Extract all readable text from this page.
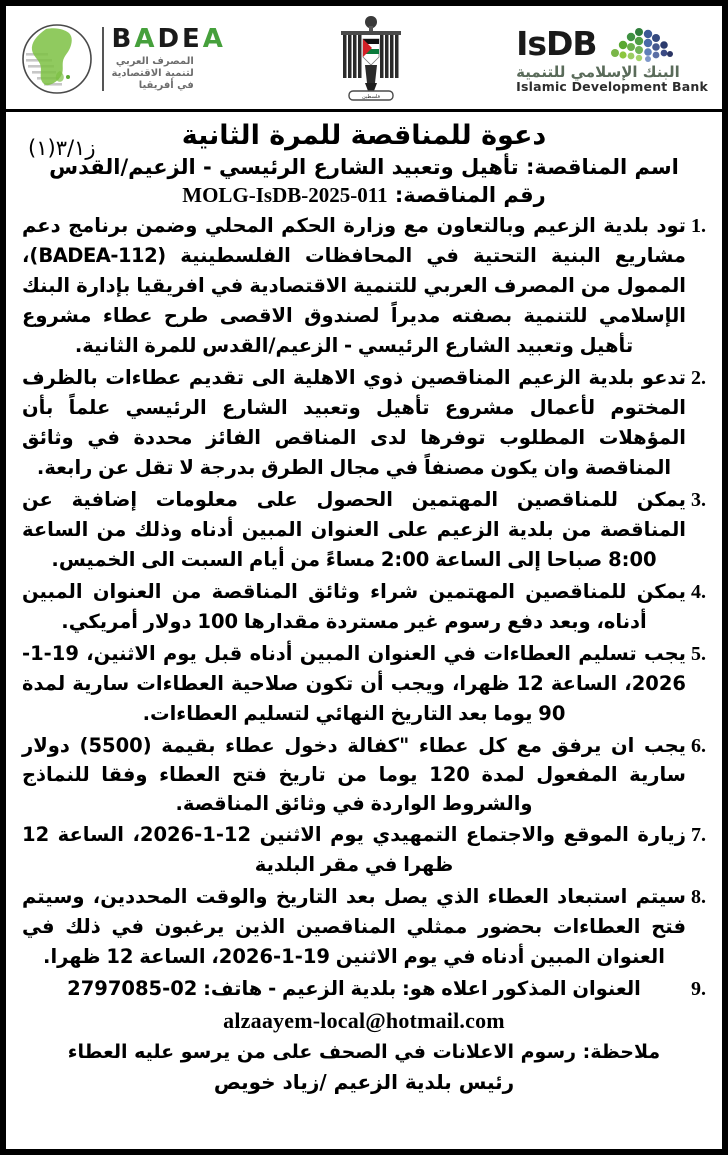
IsDB
البنك الإسلامي للتنمية
Islamic Development Bank
فلسطين
BADEA
المصرف العربي
لتنمية الاقتصادية
في أفريقيا
ز٣/١(١)	دعوة للمناقصة للمرة الثانية
اسم المناقصة: تأهيل وتعبيد الشارع الرئيسي - الزعيم/القدس
رقم المناقصة: MOLG-IsDB-2025-011
1.
تود بلدية الزعيم وبالتعاون مع وزارة الحكم المحلي وضمن برنامج دعم مشاريع البنية التحتية في المحافظات الفلسطينية (BADEA-112)، الممول من المصرف العربي للتنمية الاقتصادية في افريقيا بإدارة البنك الإسلامي للتنمية بصفته مديراً لصندوق الاقصى طرح عطاء مشروع تأهيل وتعبيد الشارع الرئيسي - الزعيم/القدس للمرة الثانية.
2.
تدعو بلدية الزعيم المناقصين ذوي الاهلية الى تقديم عطاءات بالظرف المختوم لأعمال مشروع تأهيل وتعبيد الشارع الرئيسي علماً بأن المؤهلات المطلوب توفرها لدى المناقص الفائز محددة في وثائق المناقصة وان يكون مصنفاً في مجال الطرق بدرجة لا تقل عن رابعة.
3.
يمكن للمناقصين المهتمين الحصول على معلومات إضافية عن المناقصة من بلدية الزعيم على العنوان المبين أدناه وذلك من الساعة 8:00 صباحا إلى الساعة 2:00 مساءً من أيام السبت الى الخميس.
4.
يمكن للمناقصين المهتمين شراء وثائق المناقصة من العنوان المبين أدناه، وبعد دفع رسوم غير مستردة مقدارها 100 دولار أمريكي.
5.
يجب تسليم العطاءات في العنوان المبين أدناه قبل يوم الاثنين، 19-1-2026، الساعة 12 ظهرا، ويجب أن تكون صلاحية العطاءات سارية لمدة 90 يوما بعد التاريخ النهائي لتسليم العطاءات.
6.
يجب ان يرفق مع كل عطاء "كفالة دخول عطاء بقيمة (5500) دولار سارية المفعول لمدة 120 يوما من تاريخ فتح العطاء وفقا للنماذج والشروط الواردة في وثائق المناقصة.
7.
زيارة الموقع والاجتماع التمهيدي يوم الاثنين 12-1-2026، الساعة 12 ظهرا في مقر البلدية
8.
سيتم استبعاد العطاء الذي يصل بعد التاريخ والوقت المحددين، وسيتم فتح العطاءات بحضور ممثلي المناقصين الذين يرغبون في ذلك في العنوان المبين أدناه في يوم الاثنين 19-1-2026، الساعة 12 ظهرا.
9.
العنوان المذكور اعلاه هو: بلدية الزعيم - هاتف: 02-2797085
alzaayem-local@hotmail.com
ملاحظة: رسوم الاعلانات في الصحف على من يرسو عليه العطاء
رئيس بلدية الزعيم /زياد خويص
